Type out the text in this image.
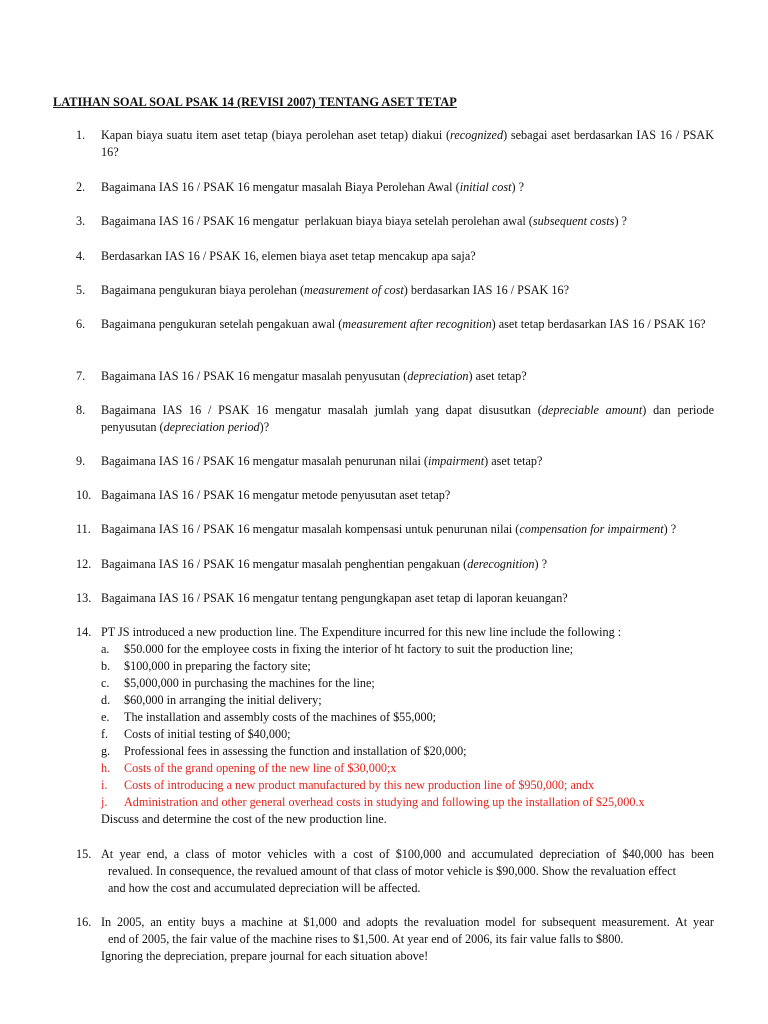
LATIHAN SOAL SOAL PSAK 14 (REVISI 2007) TENTANG ASET TETAP
1. Kapan biaya suatu item aset tetap (biaya perolehan aset tetap) diakui (recognized) sebagai aset berdasarkan IAS 16 / PSAK 16?
2. Bagaimana IAS 16 / PSAK 16 mengatur masalah Biaya Perolehan Awal (initial cost) ?
3. Bagaimana IAS 16 / PSAK 16 mengatur  perlakuan biaya biaya setelah perolehan awal (subsequent costs) ?
4. Berdasarkan IAS 16 / PSAK 16, elemen biaya aset tetap mencakup apa saja?
5. Bagaimana pengukuran biaya perolehan (measurement of cost) berdasarkan IAS 16 / PSAK 16?
6. Bagaimana pengukuran setelah pengakuan awal (measurement after recognition) aset tetap berdasarkan IAS 16 / PSAK 16?
7. Bagaimana IAS 16 / PSAK 16 mengatur masalah penyusutan (depreciation) aset tetap?
8. Bagaimana IAS 16 / PSAK 16 mengatur masalah jumlah yang dapat disusutkan (depreciable amount) dan periode penyusutan (depreciation period)?
9. Bagaimana IAS 16 / PSAK 16 mengatur masalah penurunan nilai (impairment) aset tetap?
10. Bagaimana IAS 16 / PSAK 16 mengatur metode penyusutan aset tetap?
11. Bagaimana IAS 16 / PSAK 16 mengatur masalah kompensasi untuk penurunan nilai (compensation for impairment) ?
12. Bagaimana IAS 16 / PSAK 16 mengatur masalah penghentian pengakuan (derecognition) ?
13. Bagaimana IAS 16 / PSAK 16 mengatur tentang pengungkapan aset tetap di laporan keuangan?
14. PT JS introduced a new production line. The Expenditure incurred for this new line include the following :
a. $50.000 for the employee costs in fixing the interior of ht factory to suit the production line;
b. $100,000 in preparing the factory site;
c. $5,000,000 in purchasing the machines for the line;
d. $60,000 in arranging the initial delivery;
e. The installation and assembly costs of the machines of $55,000;
f. Costs of initial testing of $40,000;
g. Professional fees in assessing the function and installation of $20,000;
h. Costs of the grand opening of the new line of $30,000;x
i. Costs of introducing a new product manufactured by this new production line of $950,000; andx
j. Administration and other general overhead costs in studying and following up the installation of $25,000.x
Discuss and determine the cost of the new production line.
15. At year end, a class of motor vehicles with a cost of $100,000 and accumulated depreciation of $40,000 has been
revalued. In consequence, the revalued amount of that class of motor vehicle is $90,000. Show the revaluation effect
and how the cost and accumulated depreciation will be affected.
16. In 2005, an entity buys a machine at $1,000 and adopts the revaluation model for subsequent measurement. At year
end of 2005, the fair value of the machine rises to $1,500. At year end of 2006, its fair value falls to $800.
Ignoring the depreciation, prepare journal for each situation above!
